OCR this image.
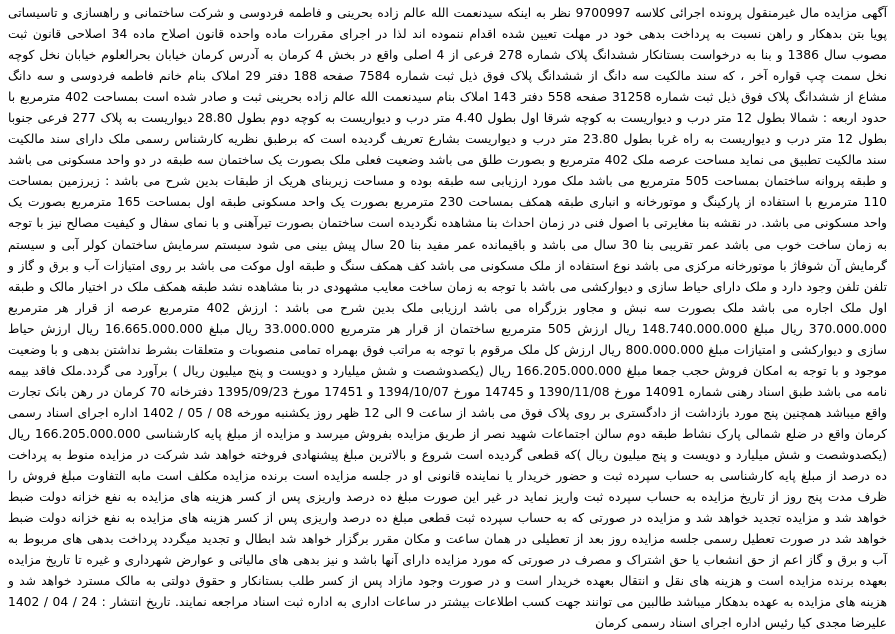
آگهی مزایده مال غیرمنقول پرونده اجرائی کلاسه 9700997 نظر به اینکه سیدنعمت الله عالم زاده بحرینی و فاطمه فردوسی و شرکت ساختمانی و راهسازی و تاسیساتی پویا بتن بدهکار و راهن نسبت به پرداخت بدهی خود در مهلت تعیین شده اقدام ننموده اند لذا در اجرای مقررات ماده واحده قانون اصلاح ماده 34 اصلاحی قانون ثبت مصوب سال 1386 و بنا به درخواست بستانکار ششدانگ پلاک شماره 278 فرعی از 4 اصلی واقع در بخش 4 کرمان به آدرس کرمان خیابان بحرالعلوم خیابان نخل کوچه نخل سمت چپ قواره آخر ، که سند مالکیت سه دانگ از ششدانگ پلاک فوق ذیل ثبت شماره 7584 صفحه 188 دفتر 29 املاک بنام خانم فاطمه فردوسی و سه دانگ مشاع از ششدانگ پلاک فوق ذیل ثبت شماره 31258 صفحه 558 دفتر 143 املاک بنام سیدنعمت الله عالم زاده بحرینی ثبت و صادر شده است بمساحت 402 مترمربع با حدود اربعه : شمالا بطول 12 متر درب و دیواریست به کوچه شرقا اول بطول 4.40 متر درب و دیواریست به کوچه دوم بطول 28.80 دیواریست به پلاک 277 فرعی جنوبا بطول 12 متر درب و دیواریست به راه غربا بطول 23.80 متر درب و دیواریست بشارع تعریف گردیده است که برطبق نظریه کارشناس رسمی ملک دارای سند مالکیت سند مالکیت تطبیق می نماید مساحت عرصه ملک 402 مترمربع و بصورت طلق می باشد وضعیت فعلی ملک بصورت یک ساختمان سه طبقه در دو واحد مسکونی می باشد و طبقه پروانه ساختمان بمساحت 505 مترمربع می باشد ملک مورد ارزیابی سه طبقه بوده و مساحت زیربنای هریک از طبقات بدین شرح می باشد : زیرزمین بمساحت 110 مترمربع با استفاده از پارکینگ و موتورخانه و انباری طبقه همکف بمساحت 230 مترمربع بصورت یک واحد مسکونی طبقه اول بمساحت 165 مترمربع بصورت یک واحد مسکونی می باشد. در نقشه بنا مغایرتی با اصول فنی در زمان احداث بنا مشاهده نگردیده است ساختمان بصورت تیرآهنی و با نمای سفال و کیفیت مصالح نیز با توجه به زمان ساخت خوب می باشد عمر تقریبی بنا 30 سال می باشد و باقیمانده عمر مفید بنا 20 سال پیش بینی می شود سیستم سرمایش ساختمان کولر آبی و سیستم گرمایش آن شوفاژ با موتورخانه مرکزی می باشد نوع استفاده از ملک مسکونی می باشد کف همکف سنگ و طبقه اول موکت می باشد بر روی امتیازات آب و برق و گاز و تلفن تلفن وجود دارد و ملک دارای حیاط سازی و دیوارکشی می باشد با توجه به زمان ساخت معایب مشهودی در بنا مشاهده نشد طبقه همکف ملک در اختیار مالک و طبقه اول ملک اجاره می باشد ملک بصورت سه نبش و مجاور بزرگراه می باشد ارزیابی ملک بدین شرح می باشد : ارزش 402 مترمربع عرصه از قرار هر مترمربع 370.000.000 ریال مبلغ 148.740.000.000 ریال ارزش 505 مترمربع ساختمان از قرار هر مترمربع 33.000.000 ریال مبلغ 16.665.000.000 ریال ارزش حیاط سازی و دیوارکشی و امتیازات مبلغ 800.000.000 ریال ارزش کل ملک مرقوم با توجه به مراتب فوق بهمراه تمامی منصوبات و متعلقات بشرط نداشتن بدهی و با وضعیت موجود و با توجه به امکان فروش حجب جمعا مبلغ 166.205.000.000 ریال (یکصدوشصت و شش میلیارد و دویست و پنج میلیون ریال ) برآورد می گردد.ملک فاقد بیمه نامه می باشد طبق اسناد رهنی شماره 14091 مورخ 1390/11/08 و 14745 مورخ 1394/10/07 و 17451 مورخ 1395/09/23 دفترخانه 70 کرمان در رهن بانک تجارت واقع میباشد همچنین پنج مورد بازداشت از دادگستری بر روی پلاک فوق می باشد از ساعت 9 الی 12 ظهر روز یکشنبه مورخه 08 / 05 / 1402 اداره اجرای اسناد رسمی کرمان واقع در ضلع شمالی پارک نشاط طبقه دوم سالن اجتماعات شهید نصر از طریق مزایده بفروش میرسد و مزایده از مبلغ پایه کارشناسی 166.205.000.000 ریال (یکصدوشصت و شش میلیارد و دویست و پنج میلیون ریال )که قطعی گردیده است شروع و بالاترین مبلغ پیشنهادی فروخته خواهد شد شرکت در مزایده منوط به پرداخت ده درصد از مبلغ پایه کارشناسی به حساب سپرده ثبت و حضور خریدار یا نماینده قانونی او در جلسه مزایده است برنده مزایده مکلف است مابه التفاوت مبلغ فروش را ظرف مدت پنج روز از تاریخ مزایده به حساب سپرده ثبت واریز نماید در غیر این صورت مبلغ ده درصد واریزی پس از کسر هزینه های مزایده به نفع خزانه دولت ضبط خواهد شد و مزایده تجدید خواهد شد و مزایده در صورتی که به حساب سپرده ثبت قطعی مبلغ ده درصد واریزی پس از کسر هزینه های مزایده به نفع خزانه دولت ضبط خواهد شد در صورت تعطیل رسمی جلسه مزایده روز بعد از تعطیلی در همان ساعت و مکان مقرر برگزار خواهد شد ابطال و تجدید میگردد پرداخت بدهی های مربوط به آب و برق و گاز اعم از حق انشعاب یا حق اشتراک و مصرف در صورتی که مورد مزایده دارای آنها باشد و نیز بدهی های مالیاتی و عوارض شهرداری و غیره تا تاریخ مزایده بعهده برنده مزایده است و هزینه های نقل و انتقال بعهده خریدار است و در صورت وجود مازاد پس از کسر طلب بستانکار و حقوق دولتی به مالک مسترد خواهد شد و هزینه های مزایده به عهده بدهکار میباشد طالبین می توانند جهت کسب اطلاعات بیشتر در ساعات اداری به اداره ثبت اسناد مراجعه نمایند. تاریخ انتشار : 24 / 04 / 1402 علیرضا مجدی کیا رئیس اداره اجرای اسناد رسمی کرمان
